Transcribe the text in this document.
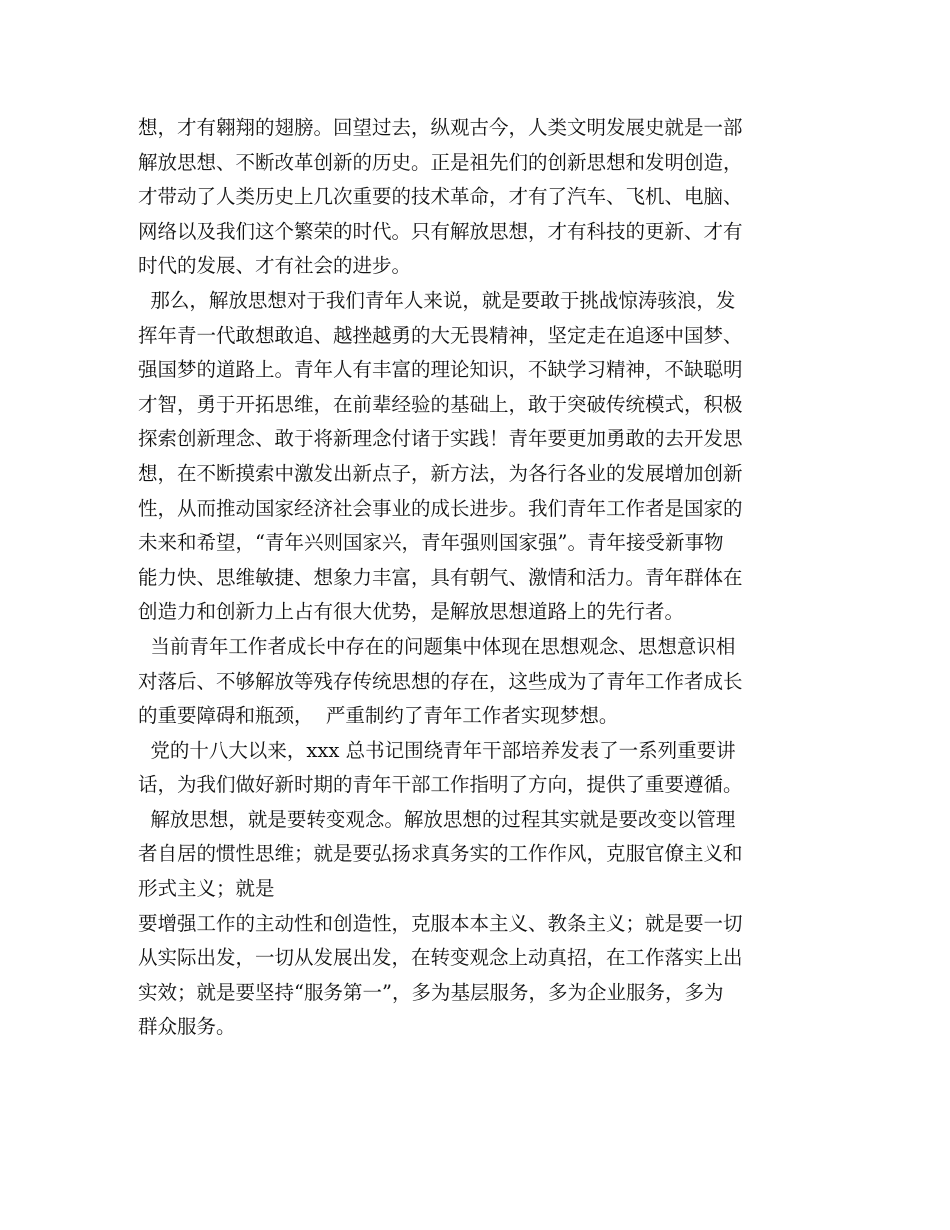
想，才有翱翔的翅膀。回望过去，纵观古今，人类文明发展史就是一部
解放思想、不断改革创新的历史。正是祖先们的创新思想和发明创造，
才带动了人类历史上几次重要的技术革命，才有了汽车、飞机、电脑、
网络以及我们这个繁荣的时代。只有解放思想，才有科技的更新、才有
时代的发展、才有社会的进步。
那么，解放思想对于我们青年人来说，就是要敢于挑战惊涛骇浪，发
挥年青一代敢想敢追、越挫越勇的大无畏精神，坚定走在追逐中国梦、
强国梦的道路上。青年人有丰富的理论知识，不缺学习精神，不缺聪明
才智，勇于开拓思维，在前辈经验的基础上，敢于突破传统模式，积极
探索创新理念、敢于将新理念付诸于实践！青年要更加勇敢的去开发思
想，在不断摸索中激发出新点子，新方法，为各行各业的发展增加创新
性，从而推动国家经济社会事业的成长进步。我们青年工作者是国家的
未来和希望，“青年兴则国家兴，青年强则国家强”。青年接受新事物
能力快、思维敏捷、想象力丰富，具有朝气、激情和活力。青年群体在
创造力和创新力上占有很大优势，是解放思想道路上的先行者。
当前青年工作者成长中存在的问题集中体现在思想观念、思想意识相
对落后、不够解放等残存传统思想的存在，这些成为了青年工作者成长
的重要障碍和瓶颈，  严重制约了青年工作者实现梦想。
党的十八大以来，xxx 总书记围绕青年干部培养发表了一系列重要讲
话，为我们做好新时期的青年干部工作指明了方向，提供了重要遵循。
解放思想，就是要转变观念。解放思想的过程其实就是要改变以管理
者自居的惯性思维；就是要弘扬求真务实的工作作风，克服官僚主义和
形式主义；就是
要增强工作的主动性和创造性，克服本本主义、教条主义；就是要一切
从实际出发，一切从发展出发，在转变观念上动真招，在工作落实上出
实效；就是要坚持“服务第一”，多为基层服务，多为企业服务，多为
群众服务。
